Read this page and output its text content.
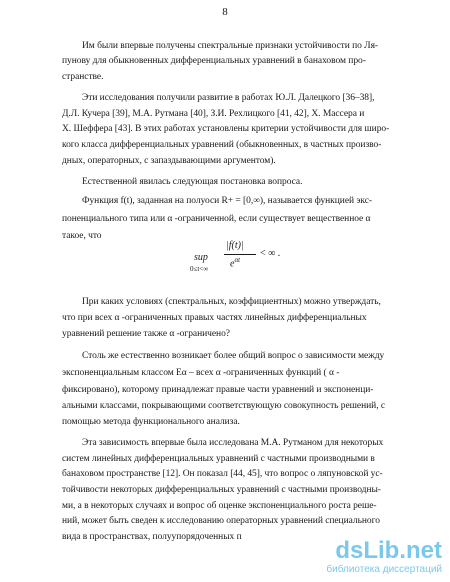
8
Им были впервые получены спектральные признаки устойчивости по Ля-
пунову для обыкновенных дифференциальных уравнений в банаховом про-
странстве.
Эти исследования получили развитие в работах Ю.Л. Далецкого [36–38],
Д.Л. Кучера [39], М.А. Рутмана [40], З.И. Рехлицкого [41, 42], Х. Массера и
Х. Шеффера [43]. В этих работах установлены критерии устойчивости для широ-
кого класса дифференциальных уравнений (обыкновенных, в частных произво-
дных, операторных, с запаздывающими аргументом).
Естественной явилась следующая постановка вопроса.
Функция f(t), заданная на полуоси R+ = [0,∞), называется функцией экс-
поненциального типа или α -ограниченной, если существует вещественное α
такое, что
sup
0≤t<∞
|f(t)|
$e^{\alpha t}$
< ∞ .
При каких условиях (спектральных, коэффициентных) можно утверждать,
что при всех α -ограниченных правых частях линейных дифференциальных
уравнений решение также α -ограничено?
Столь же естественно возникает более общий вопрос о зависимости между
экспоненциальным классом Eα – всех α -ограниченных функций ( α -
фиксировано), которому принадлежат правые части уравнений и экспоненци-
альными классами, покрывающими соответствующую совокупность решений, с
помощью метода функционального анализа.
Эта зависимость впервые была исследована М.А. Рутманом для некоторых
систем линейных дифференциальных уравнений с частными производными в
банаховом пространстве [12]. Он показал [44, 45], что вопрос о ляпуновской ус-
тойчивости некоторых дифференциальных уравнений с частными производны-
ми, а в некоторых случаях и вопрос об оценке экспоненциального роста реше-
ний, может быть сведен к исследованию операторных уравнений специального
вида в пространствах, полуупорядоченных п	dsLib.net
библиотека диссертаций
